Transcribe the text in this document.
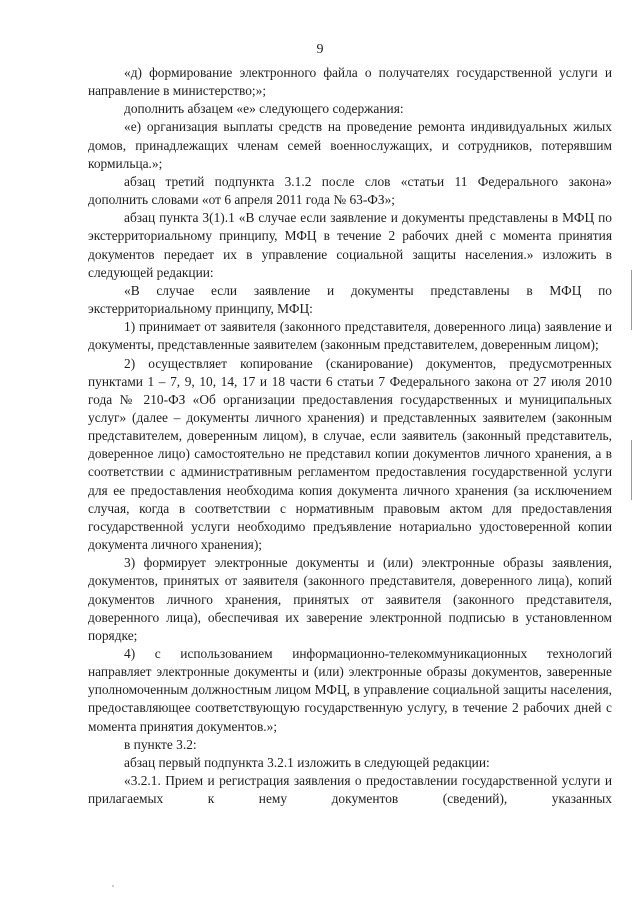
9

«д) формирование электронного файла о получателях государственной услуги и направление в министерство;»;

дополнить абзацем «е» следующего содержания:

«е) организация выплаты средств на проведение ремонта индивидуальных жилых домов, принадлежащих членам семей военнослужащих, и сотрудников, потерявшим кормильца.»;

абзац третий подпункта 3.1.2 после слов «статьи 11 Федерального закона» дополнить словами «от 6 апреля 2011 года № 63-ФЗ»;

абзац пункта 3(1).1 «В случае если заявление и документы представлены в МФЦ по экстерриториальному принципу, МФЦ в течение 2 рабочих дней с момента принятия документов передает их в управление социальной защиты населения.» изложить в следующей редакции:

«В случае если заявление и документы представлены в МФЦ по экстерриториальному принципу, МФЦ:

1) принимает от заявителя (законного представителя, доверенного лица) заявление и документы, представленные заявителем (законным представителем, доверенным лицом);

2) осуществляет копирование (сканирование) документов, предусмотренных пунктами 1 – 7, 9, 10, 14, 17 и 18 части 6 статьи 7 Федерального закона от 27 июля 2010 года № 210-ФЗ «Об организации предоставления государственных и муниципальных услуг» (далее – документы личного хранения) и представленных заявителем (законным представителем, доверенным лицом), в случае, если заявитель (законный представитель, доверенное лицо) самостоятельно не представил копии документов личного хранения, а в соответствии с административным регламентом предоставления государственной услуги для ее предоставления необходима копия документа личного хранения (за исключением случая, когда в соответствии с нормативным правовым актом для предоставления государственной услуги необходимо предъявление нотариально удостоверенной копии документа личного хранения);

3) формирует электронные документы и (или) электронные образы заявления, документов, принятых от заявителя (законного представителя, доверенного лица), копий документов личного хранения, принятых от заявителя (законного представителя, доверенного лица), обеспечивая их заверение электронной подписью в установленном порядке;

4) с использованием информационно-телекоммуникационных технологий направляет электронные документы и (или) электронные образы документов, заверенные уполномоченным должностным лицом МФЦ, в управление социальной защиты населения, предоставляющее соответствующую государственную услугу, в течение 2 рабочих дней с момента принятия документов.»;

в пункте 3.2:

абзац первый подпункта 3.2.1 изложить в следующей редакции:

«3.2.1. Прием и регистрация заявления о предоставлении государственной услуги и прилагаемых к нему документов (сведений), указанных
